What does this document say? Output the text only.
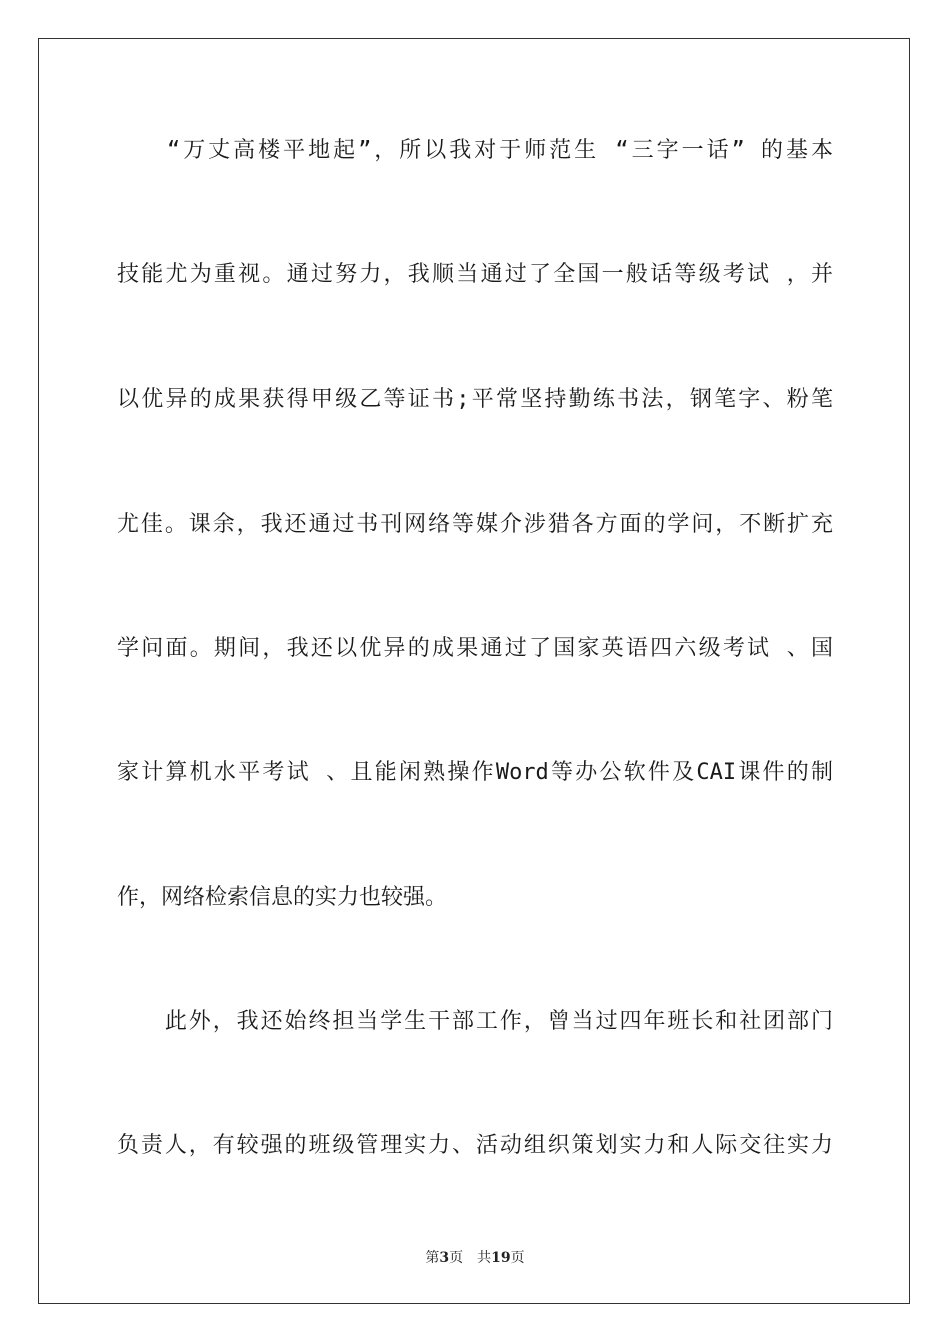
　　“万丈高楼平地起”，所以我对于师范生 “三字一话” 的基本
技能尤为重视。通过努力，我顺当通过了全国一般话等级考试 ，并
以优异的成果获得甲级乙等证书;平常坚持勤练书法，钢笔字、粉笔
尤佳。课余，我还通过书刊网络等媒介涉猎各方面的学问，不断扩充
学问面。期间，我还以优异的成果通过了国家英语四六级考试 、国
家计算机水平考试 、且能闲熟操作Word等办公软件及CAI课件的制
作，网络检索信息的实力也较强。
　　此外，我还始终担当学生干部工作，曾当过四年班长和社团部门
负责人，有较强的班级管理实力、活动组织策划实力和人际交往实力
第3页　共19页
